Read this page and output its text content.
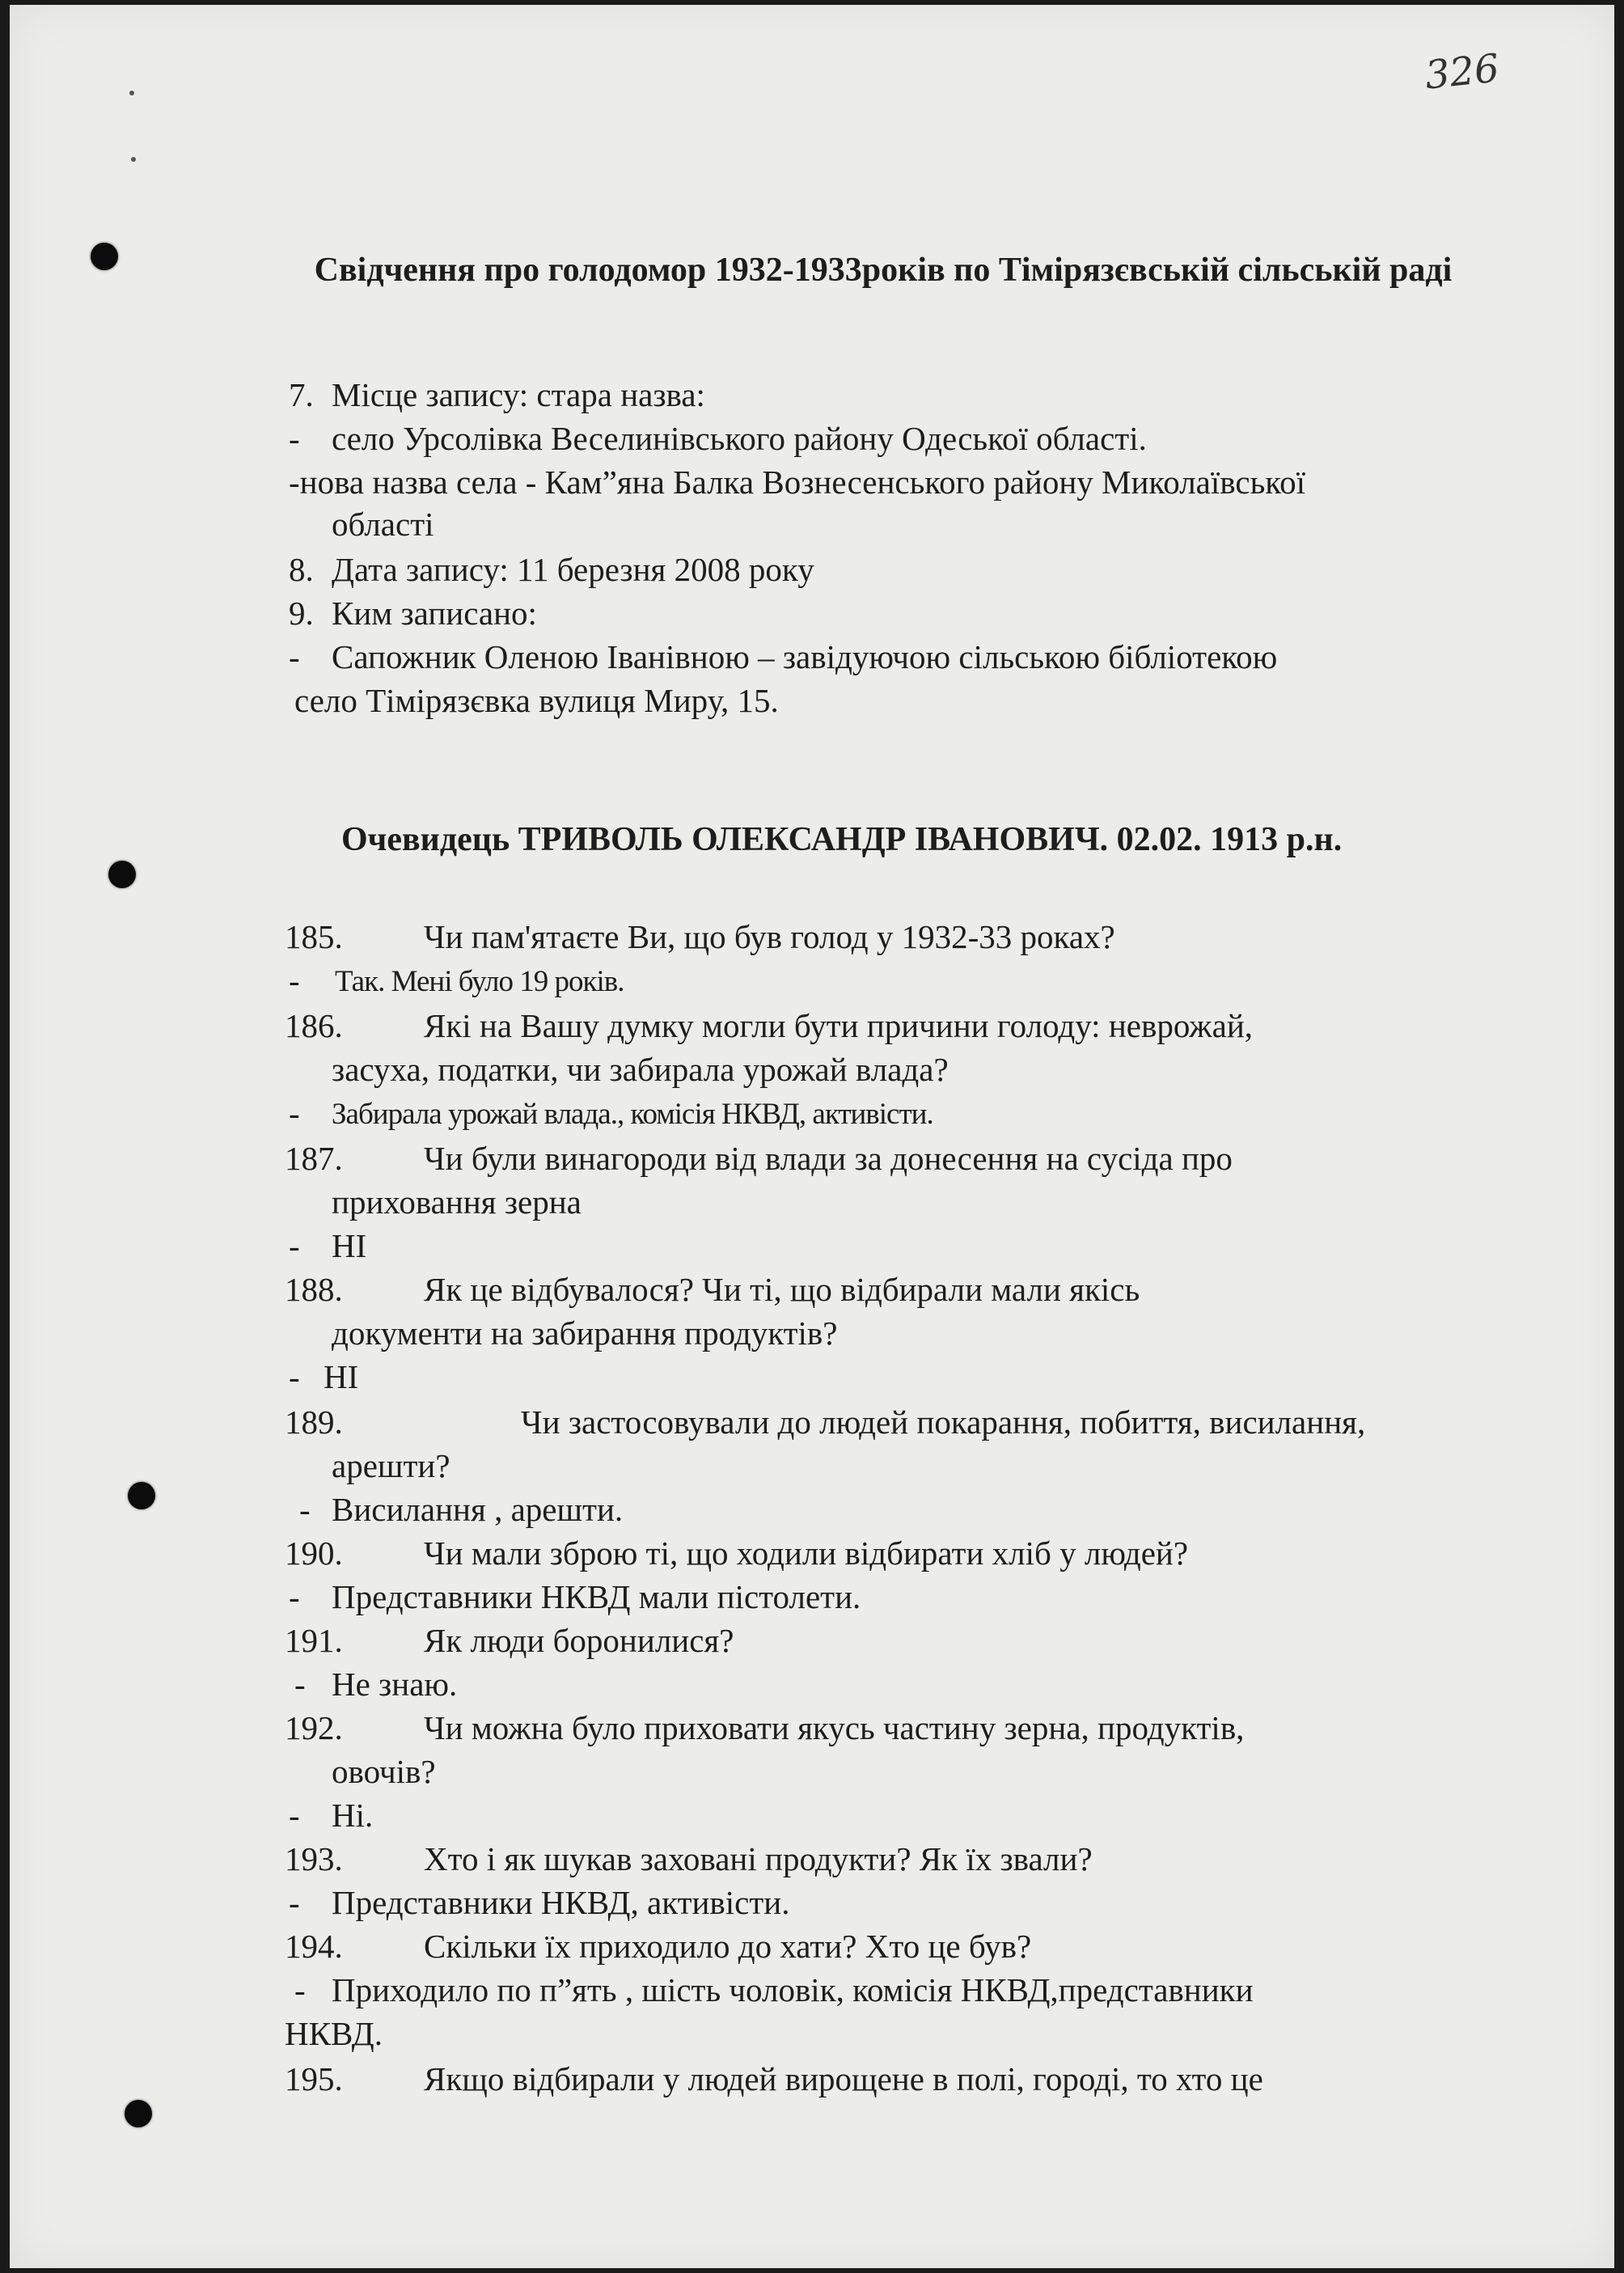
326
Свідчення про голодомор 1932-1933років по Тімірязєвській сільській раді
7. Місце запису: стара назва:
- село Урсолівка Веселинівського району Одеської області.
-нова назва села - Кам”яна Балка Вознесенського району Миколаївської
області
8. Дата запису: 11 березня 2008 року
9. Ким записано:
- Сапожник Оленою Іванівною – завідуючою сільською бібліотекою
село Тімірязєвка вулиця Миру, 15.
Очевидець ТРИВОЛЬ ОЛЕКСАНДР ІВАНОВИЧ. 02.02. 1913 р.н.
185. Чи пам'ятаєте Ви, що був голод у 1932-33 роках?
- Так. Мені було 19 років.
186. Які на Вашу думку могли бути причини голоду: неврожай,
засуха, податки, чи забирала урожай влада?
- Забирала урожай влада., комісія НКВД, активісти.
187. Чи були винагороди від влади за донесення на сусіда про
приховання зерна
- НІ
188. Як це відбувалося? Чи ті, що відбирали мали якісь
документи на забирання продуктів?
- НІ
189.	Чи застосовували до людей покарання, побиття, висилання,
арешти?
- Висилання , арешти.
190. Чи мали зброю ті, що ходили відбирати хліб у людей?
- Представники НКВД мали пістолети.
191. Як люди боронилися?
- Не знаю.
192. Чи можна було приховати якусь частину зерна, продуктів,
овочів?
- Ні.
193. Хто і як шукав заховані продукти? Як їх звали?
- Представники НКВД, активісти.
194. Скільки їх приходило до хати? Хто це був?
- Приходило по п”ять , шість чоловік, комісія НКВД,представники
НКВД.
195. Якщо відбирали у людей вирощене в полі, городі, то хто це
